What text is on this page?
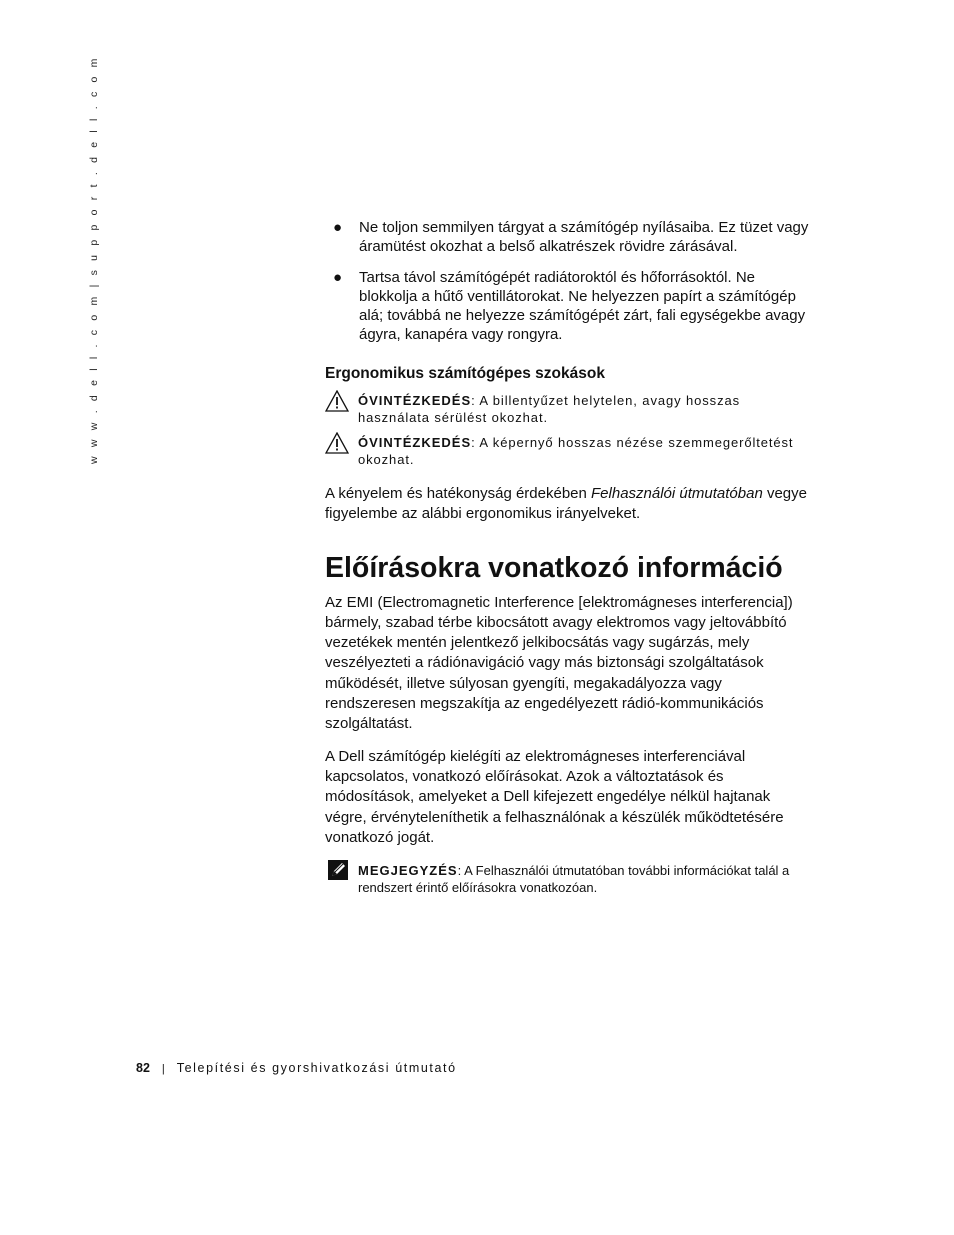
w w w . d e l l . c o m | s u p p o r t . d e l l . c o m	● Ne toljon semmilyen tárgyat a számítógép nyílásaiba. Ez tüzet vagy áramütést okozhat a belső alkatrészek rövidre zárásával.
● Tartsa távol számítógépét radiátoroktól és hőforrásoktól. Ne blokkolja a hűtő ventillátorokat. Ne helyezzen papírt a számítógép alá; továbbá ne helyezze számítógépét zárt, fali egységekbe avagy ágyra, kanapéra vagy rongyra.
Ergonomikus számítógépes szokások
ÓVINTÉZKEDÉS: A billentyűzet helytelen, avagy hosszas használata sérülést okozhat.
ÓVINTÉZKEDÉS: A képernyő hosszas nézése szemmegerőltetést okozhat.

A kényelem és hatékonyság érdekében Felhasználói útmutatóban vegye figyelembe az alábbi ergonomikus irányelveket.

Előírásokra vonatkozó információ

Az EMI (Electromagnetic Interference [elektromágneses interferencia]) bármely, szabad térbe kibocsátott avagy elektromos vagy jeltovábbító vezetékek mentén jelentkező jelkibocsátás vagy sugárzás, mely veszélyezteti a rádiónavigáció vagy más biztonsági szolgáltatások működését, illetve súlyosan gyengíti, megakadályozza vagy rendszeresen megszakítja az engedélyezett rádió-kommunikációs szolgáltatást.

A Dell számítógép kielégíti az elektromágneses interferenciával kapcsolatos, vonatkozó előírásokat. Azok a változtatások és módosítások, amelyeket a Dell kifejezett engedélye nélkül hajtanak végre, érvényteleníthetik a felhasználónak a készülék működtetésére vonatkozó jogát.

MEGJEGYZÉS: A Felhasználói útmutatóban további információkat talál a rendszert érintő előírásokra vonatkozóan.
82 | Telepítési és gyorshivatkozási útmutató
